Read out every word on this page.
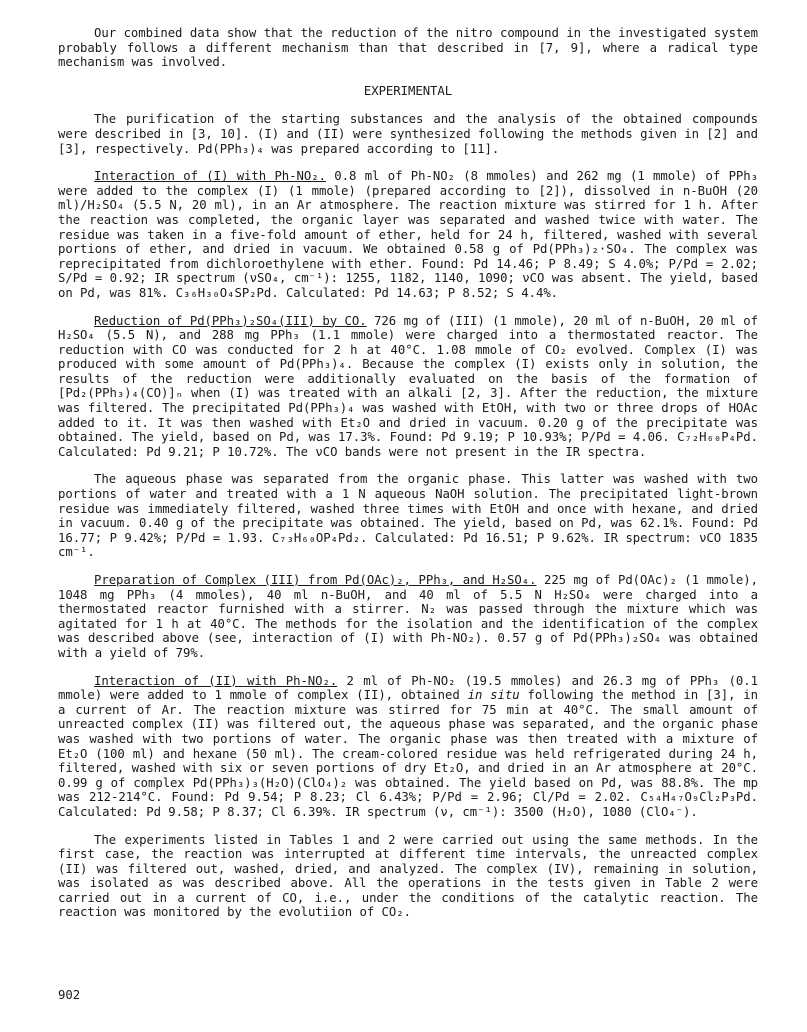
Our combined data show that the reduction of the nitro compound in the investigated system probably follows a different mechanism than that described in [7, 9], where a radical type mechanism was involved.

EXPERIMENTAL

The purification of the starting substances and the analysis of the obtained compounds were described in [3, 10]. (I) and (II) were synthesized following the methods given in [2] and [3], respectively. Pd(PPh₃)₄ was prepared according to [11].

Interaction of (I) with Ph-NO₂. 0.8 ml of Ph-NO₂ (8 mmoles) and 262 mg (1 mmole) of PPh₃ were added to the complex (I) (1 mmole) (prepared according to [2]), dissolved in n-BuOH (20 ml)/H₂SO₄ (5.5 N, 20 ml), in an Ar atmosphere. The reaction mixture was stirred for 1 h. After the reaction was completed, the organic layer was separated and washed twice with water. The residue was taken in a five-fold amount of ether, held for 24 h, filtered, washed with several portions of ether, and dried in vacuum. We obtained 0.58 g of Pd(PPh₃)₂·SO₄. The complex was reprecipitated from dichloroethylene with ether. Found: Pd 14.46; P 8.49; S 4.0%; P/Pd = 2.02; S/Pd = 0.92; IR spectrum (νSO₄, cm⁻¹): 1255, 1182, 1140, 1090; νCO was absent. The yield, based on Pd, was 81%. C₃₆H₃₀O₄SP₂Pd. Calculated: Pd 14.63; P 8.52; S 4.4%.

Reduction of Pd(PPh₃)₂SO₄(III) by CO. 726 mg of (III) (1 mmole), 20 ml of n-BuOH, 20 ml of H₂SO₄ (5.5 N), and 288 mg PPh₃ (1.1 mmole) were charged into a thermostated reactor. The reduction with CO was conducted for 2 h at 40°C. 1.08 mmole of CO₂ evolved. Complex (I) was produced with some amount of Pd(PPh₃)₄. Because the complex (I) exists only in solution, the results of the reduction were additionally evaluated on the basis of the formation of [Pd₂(PPh₃)₄(CO)]ₙ when (I) was treated with an alkali [2, 3]. After the reduction, the mixture was filtered. The precipitated Pd(PPh₃)₄ was washed with EtOH, with two or three drops of HOAc added to it. It was then washed with Et₂O and dried in vacuum. 0.20 g of the precipitate was obtained. The yield, based on Pd, was 17.3%. Found: Pd 9.19; P 10.93%; P/Pd = 4.06. C₇₂H₆₀P₄Pd. Calculated: Pd 9.21; P 10.72%. The νCO bands were not present in the IR spectra.

The aqueous phase was separated from the organic phase. This latter was washed with two portions of water and treated with a 1 N aqueous NaOH solution. The precipitated light-brown residue was immediately filtered, washed three times with EtOH and once with hexane, and dried in vacuum. 0.40 g of the precipitate was obtained. The yield, based on Pd, was 62.1%. Found: Pd 16.77; P 9.42%; P/Pd = 1.93. C₇₃H₆₀OP₄Pd₂. Calculated: Pd 16.51; P 9.62%. IR spectrum: νCO 1835 cm⁻¹.

Preparation of Complex (III) from Pd(OAc)₂, PPh₃, and H₂SO₄. 225 mg of Pd(OAc)₂ (1 mmole), 1048 mg PPh₃ (4 mmoles), 40 ml n-BuOH, and 40 ml of 5.5 N H₂SO₄ were charged into a thermostated reactor furnished with a stirrer. N₂ was passed through the mixture which was agitated for 1 h at 40°C. The methods for the isolation and the identification of the complex was described above (see, interaction of (I) with Ph-NO₂). 0.57 g of Pd(PPh₃)₂SO₄ was obtained with a yield of 79%.

Interaction of (II) with Ph-NO₂. 2 ml of Ph-NO₂ (19.5 mmoles) and 26.3 mg of PPh₃ (0.1 mmole) were added to 1 mmole of complex (II), obtained in situ following the method in [3], in a current of Ar. The reaction mixture was stirred for 75 min at 40°C. The small amount of unreacted complex (II) was filtered out, the aqueous phase was separated, and the organic phase was washed with two portions of water. The organic phase was then treated with a mixture of Et₂O (100 ml) and hexane (50 ml). The cream-colored residue was held refrigerated during 24 h, filtered, washed with six or seven portions of dry Et₂O, and dried in an Ar atmosphere at 20°C. 0.99 g of complex Pd(PPh₃)₃(H₂O)(ClO₄)₂ was obtained. The yield based on Pd, was 88.8%. The mp was 212-214°C. Found: Pd 9.54; P 8.23; Cl 6.43%; P/Pd = 2.96; Cl/Pd = 2.02. C₅₄H₄₇O₉Cl₂P₃Pd. Calculated: Pd 9.58; P 8.37; Cl 6.39%. IR spectrum (ν, cm⁻¹): 3500 (H₂O), 1080 (ClO₄⁻).

The experiments listed in Tables 1 and 2 were carried out using the same methods. In the first case, the reaction was interrupted at different time intervals, the unreacted complex (II) was filtered out, washed, dried, and analyzed. The complex (IV), remaining in solution, was isolated as was described above. All the operations in the tests given in Table 2 were carried out in a current of CO, i.e., under the conditions of the catalytic reaction. The reaction was monitored by the evolutiion of CO₂.

902
